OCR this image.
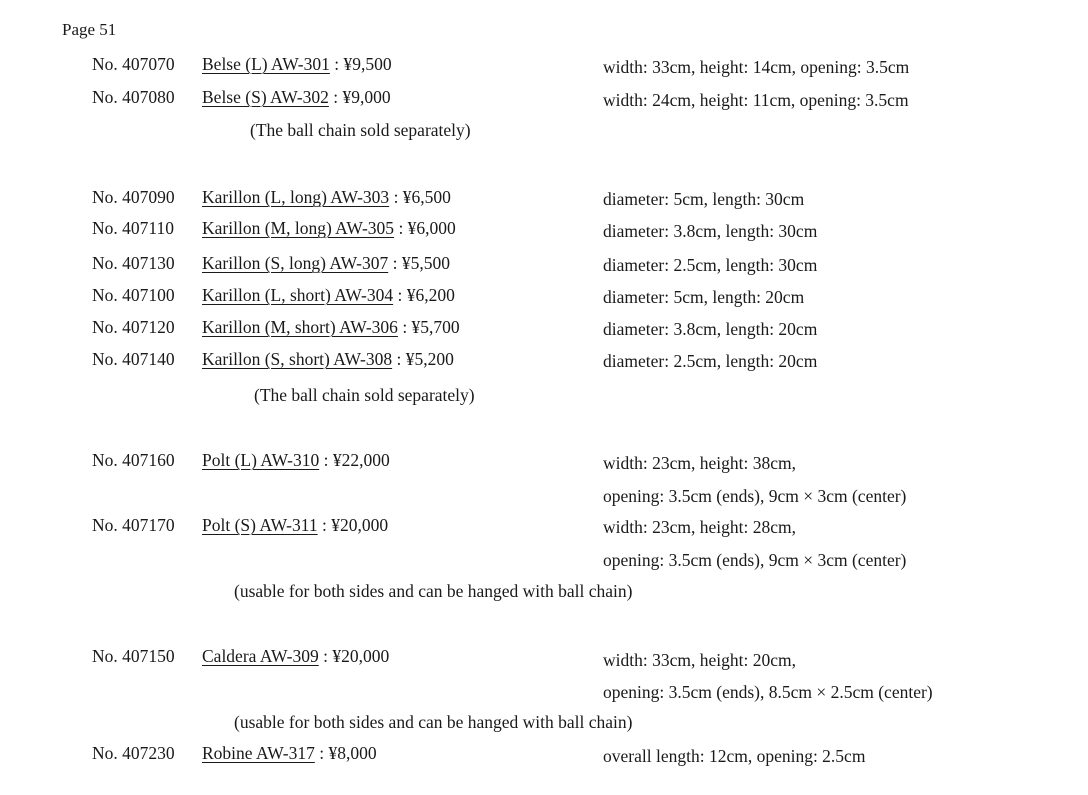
Page 51
No. 407070 Belse (L) AW-301 : ¥9,500	width: 33cm, height: 14cm, opening: 3.5cm
No. 407080 Belse (S) AW-302 : ¥9,000	width: 24cm, height: 11cm, opening: 3.5cm
(The ball chain sold separately)
No. 407090 Karillon (L, long) AW-303 : ¥6,500	diameter: 5cm, length: 30cm
No. 407110 Karillon (M, long) AW-305 : ¥6,000	diameter: 3.8cm, length: 30cm
No. 407130 Karillon (S, long) AW-307 : ¥5,500	diameter: 2.5cm, length: 30cm
No. 407100 Karillon (L, short) AW-304 : ¥6,200	diameter: 5cm, length: 20cm
No. 407120 Karillon (M, short) AW-306 : ¥5,700	diameter: 3.8cm, length: 20cm
No. 407140 Karillon (S, short) AW-308 : ¥5,200	diameter: 2.5cm, length: 20cm
(The ball chain sold separately)
No. 407160 Polt (L) AW-310 : ¥22,000	width: 23cm, height: 38cm,
opening: 3.5cm (ends), 9cm × 3cm (center)
No. 407170 Polt (S) AW-311 : ¥20,000	width: 23cm, height: 28cm,
opening: 3.5cm (ends), 9cm × 3cm (center)
(usable for both sides and can be hanged with ball chain)
No. 407150 Caldera AW-309 : ¥20,000	width: 33cm, height: 20cm,
opening: 3.5cm (ends), 8.5cm × 2.5cm (center)
(usable for both sides and can be hanged with ball chain)
No. 407230 Robine AW-317 : ¥8,000	overall length: 12cm, opening: 2.5cm
